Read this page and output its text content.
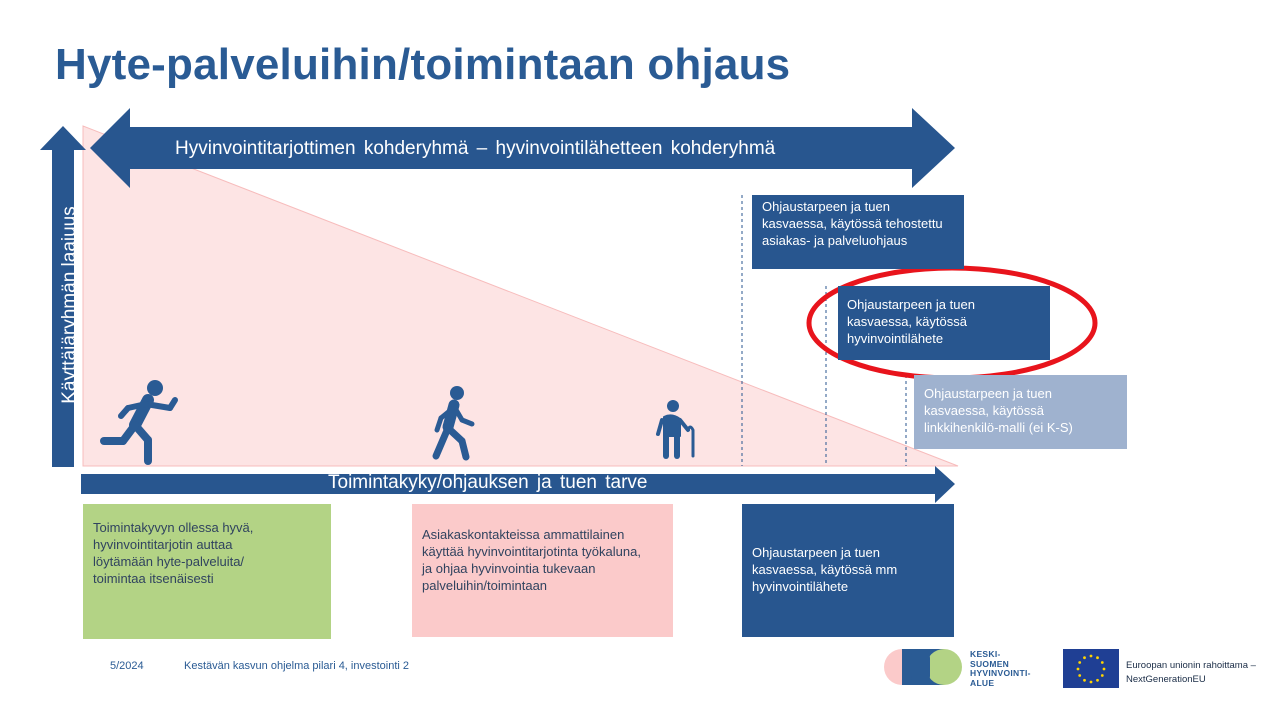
Hyte-palveluihin/toimintaan ohjaus
Hyvinvointitarjottimen kohderyhmä – hyvinvointilähetteen kohderyhmä
Käyttäjäryhmän laajuus
Toimintakyky/ohjauksen ja tuen tarve
Ohjaustarpeen ja tuen kasvaessa, käytössä tehostettu asiakas- ja palveluohjaus
Ohjaustarpeen ja tuen kasvaessa, käytössä hyvinvointilähete
Ohjaustarpeen ja tuen kasvaessa, käytössä linkkihenkilö-malli (ei K-S)
Toimintakyvyn ollessa hyvä, hyvinvointitarjotin auttaa löytämään hyte-palveluita/ toimintaa itsenäisesti
Asiakaskontakteissa ammattilainen käyttää hyvinvointitarjotinta työkaluna, ja ohjaa hyvinvointia tukevaan palveluihin/toimintaan
Ohjaustarpeen ja tuen kasvaessa, käytössä mm hyvinvointilähete
5/2024	Kestävän kasvun ohjelma pilari 4, investointi 2
KESKI-
SUOMEN
HYVINVOINTI-
ALUE
Euroopan unionin rahoittama –
NextGenerationEU
